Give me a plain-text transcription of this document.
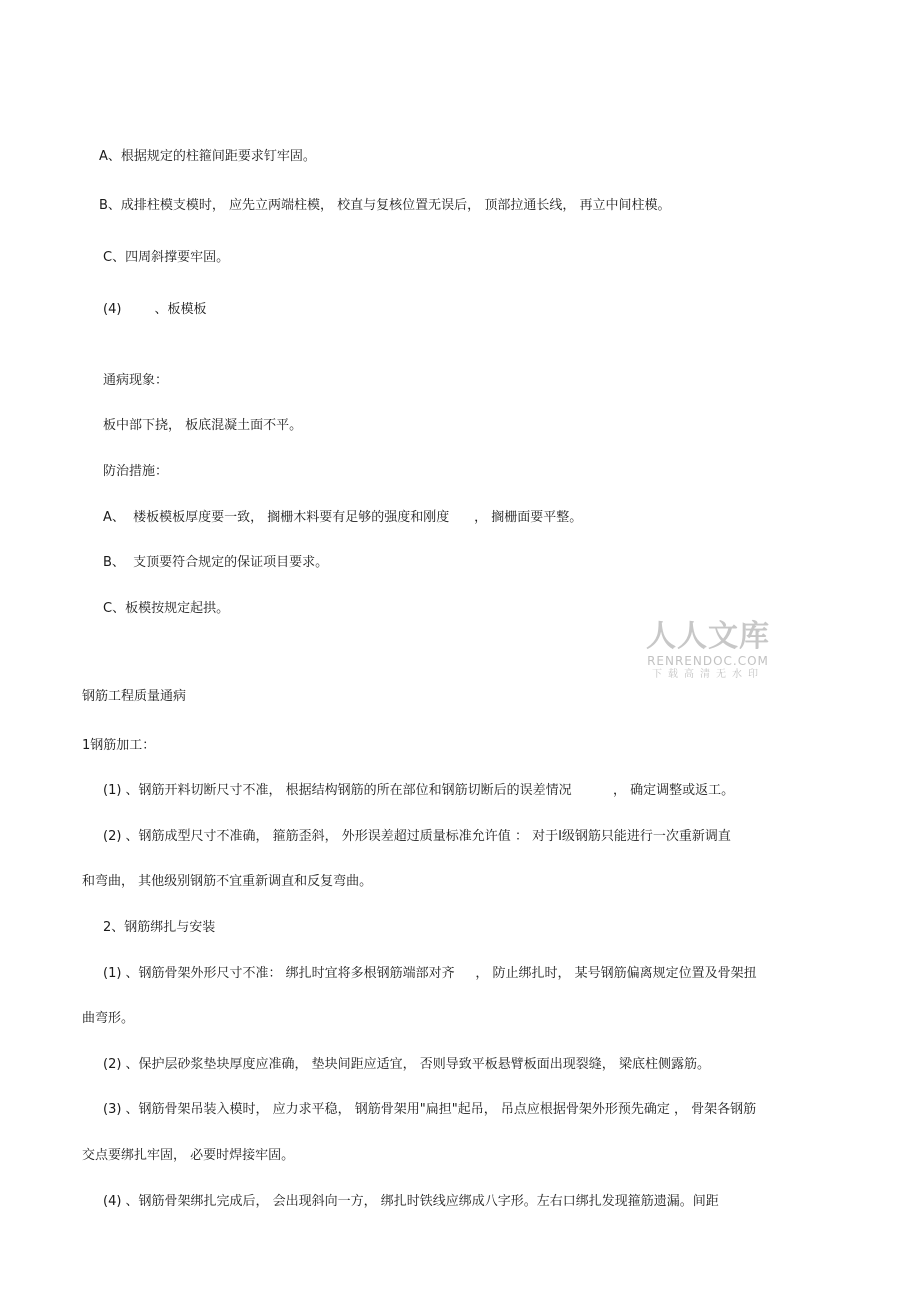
A、根据规定的柱箍间距要求钉牢固。
B、成排柱模支模时， 应先立两端柱模， 校直与复核位置无误后， 顶部拉通长线， 再立中间柱模。
C、四周斜撑要牢固。
(4)        、板模板
通病现象：
板中部下挠， 板底混凝土面不平。
防治措施：
A、  楼板模板厚度要一致， 搁栅木料要有足够的强度和刚度      ， 搁栅面要平整。
B、  支顶要符合规定的保证项目要求。
C、板模按规定起拱。
人人文库
RENRENDOC.COM
下载高清无水印
钢筋工程质量通病
1钢筋加工：
(1) 、钢筋开料切断尺寸不准， 根据结构钢筋的所在部位和钢筋切断后的误差情况          ， 确定调整或返工。
(2) 、钢筋成型尺寸不准确， 箍筋歪斜， 外形误差超过质量标准允许值 ： 对于I级钢筋只能进行一次重新调直
和弯曲， 其他级别钢筋不宜重新调直和反复弯曲。
2、钢筋绑扎与安装
(1) 、钢筋骨架外形尺寸不准： 绑扎时宜将多根钢筋端部对齐     ， 防止绑扎时， 某号钢筋偏离规定位置及骨架扭
曲弯形。
(2) 、保护层砂浆垫块厚度应准确， 垫块间距应适宜， 否则导致平板悬臂板面出现裂缝， 梁底柱侧露筋。
(3) 、钢筋骨架吊装入模时， 应力求平稳， 钢筋骨架用"扁担"起吊， 吊点应根据骨架外形预先确定 ， 骨架各钢筋
交点要绑扎牢固， 必要时焊接牢固。
(4) 、钢筋骨架绑扎完成后， 会出现斜向一方， 绑扎时铁线应绑成八字形。左右口绑扎发现箍筋遗漏。间距
